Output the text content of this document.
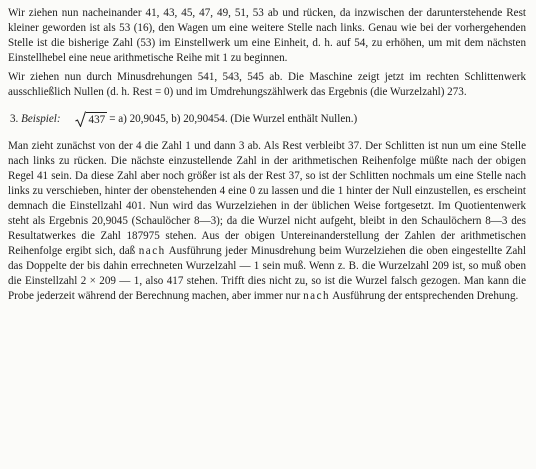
Wir ziehen nun nacheinander 41, 43, 45, 47, 49, 51, 53 ab und rücken, da inzwischen der darunterstehende Rest kleiner geworden ist als 53 (16), den Wagen um eine weitere Stelle nach links. Genau wie bei der vorhergehenden Stelle ist die bisherige Zahl (53) im Einstellwerk um eine Einheit, d. h. auf 54, zu erhöhen, um mit dem nächsten Einstellhebel eine neue arithmetische Reihe mit 1 zu beginnen.

Wir ziehen nun durch Minusdrehungen 541, 543, 545 ab. Die Maschine zeigt jetzt im rechten Schlittenwerk ausschließlich Nullen (d. h. Rest = 0) und im Umdrehungszählwerk das Ergebnis (die Wurzelzahl) 273.

3. Beispiel:	437 = a) 20,9045, b) 20,90454. (Die Wurzel enthält Nullen.)

Man zieht zunächst von der 4 die Zahl 1 und dann 3 ab. Als Rest verbleibt 37. Der Schlitten ist nun um eine Stelle nach links zu rücken. Die nächste einzustellende Zahl in der arithmetischen Reihenfolge müßte nach der obigen Regel 41 sein. Da diese Zahl aber noch größer ist als der Rest 37, so ist der Schlitten nochmals um eine Stelle nach links zu verschieben, hinter der obenstehenden 4 eine 0 zu lassen und die 1 hinter der Null einzustellen, es erscheint demnach die Einstellzahl 401. Nun wird das Wurzelziehen in der üblichen Weise fortgesetzt. Im Quotientenwerk steht als Ergebnis 20,9045 (Schaulöcher 8—3); da die Wurzel nicht aufgeht, bleibt in den Schaulöchern 8—3 des Resultatwerkes die Zahl 187975 stehen. Aus der obigen Untereinanderstellung der Zahlen der arithmetischen Reihenfolge ergibt sich, daß nach Ausführung jeder Minusdrehung beim Wurzelziehen die oben eingestellte Zahl das Doppelte der bis dahin errechneten Wurzelzahl — 1 sein muß. Wenn z. B. die Wurzelzahl 209 ist, so muß oben die Einstellzahl 2 × 209 — 1, also 417 stehen. Trifft dies nicht zu, so ist die Wurzel falsch gezogen. Man kann die Probe jederzeit während der Berechnung machen, aber immer nur nach Ausführung der entsprechenden Drehung.
